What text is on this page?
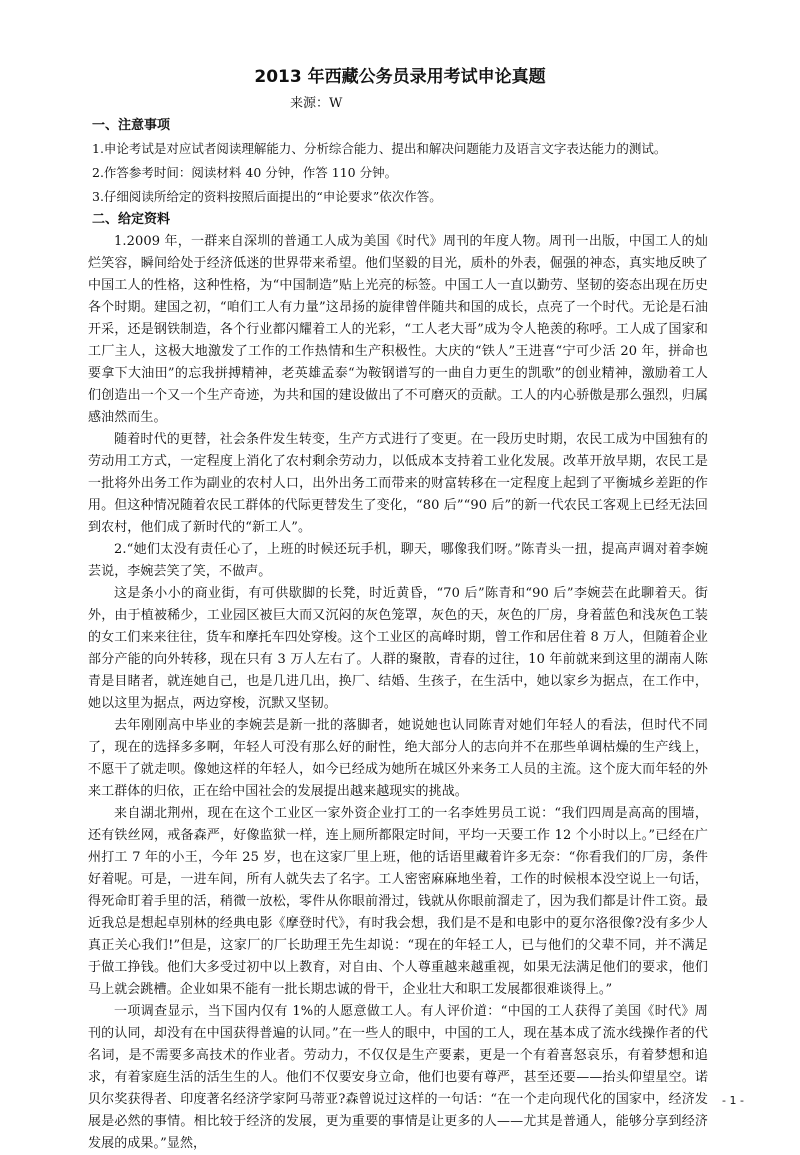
2013 年西藏公务员录用考试申论真题
来源：W

一、注意事项

1.申论考试是对应试者阅读理解能力、分析综合能力、提出和解决问题能力及语言文字表达能力的测试。

2.作答参考时间：阅读材料 40 分钟，作答 110 分钟。

3.仔细阅读所给定的资料按照后面提出的“申论要求”依次作答。

二、给定资料

1.2009 年，一群来自深圳的普通工人成为美国《时代》周刊的年度人物。周刊一出版，中国工人的灿烂笑容，瞬间给处于经济低迷的世界带来希望。他们坚毅的目光，质朴的外表，倔强的神态，真实地反映了中国工人的性格，这种性格，为“中国制造”贴上光亮的标签。中国工人一直以勤劳、坚韧的姿态出现在历史各个时期。建国之初，“咱们工人有力量”这昂扬的旋律曾伴随共和国的成长，点亮了一个时代。无论是石油开采，还是钢铁制造，各个行业都闪耀着工人的光彩，“工人老大哥”成为令人艳羡的称呼。工人成了国家和工厂主人，这极大地激发了工作的工作热情和生产积极性。大庆的“铁人”王进喜“宁可少活 20 年，拼命也要拿下大油田”的忘我拼搏精神，老英雄孟泰“为鞍钢谱写的一曲自力更生的凯歌”的创业精神，激励着工人们创造出一个又一个生产奇迹，为共和国的建设做出了不可磨灭的贡献。工人的内心骄傲是那么强烈，归属感油然而生。

随着时代的更替，社会条件发生转变，生产方式进行了变更。在一段历史时期，农民工成为中国独有的劳动用工方式，一定程度上消化了农村剩余劳动力，以低成本支持着工业化发展。改革开放早期，农民工是一批将外出务工作为副业的农村人口，出外出务工而带来的财富转移在一定程度上起到了平衡城乡差距的作用。但这种情况随着农民工群体的代际更替发生了变化，“80 后”“90 后”的新一代农民工客观上已经无法回到农村，他们成了新时代的“新工人”。

2.“她们太没有责任心了，上班的时候还玩手机，聊天，哪像我们呀。”陈青头一扭，提高声调对着李婉芸说，李婉芸笑了笑，不做声。

这是条小小的商业街，有可供歇脚的长凳，时近黄昏，“70 后”陈青和“90 后”李婉芸在此聊着天。街外，由于植被稀少，工业园区被巨大而又沉闷的灰色笼罩，灰色的天，灰色的厂房，身着蓝色和浅灰色工装的女工们来来往往，货车和摩托车四处穿梭。这个工业区的高峰时期，曾工作和居住着 8 万人，但随着企业部分产能的向外转移，现在只有 3 万人左右了。人群的聚散，青春的过往，10 年前就来到这里的湖南人陈青是目睹者，就连她自己，也是几进几出，换厂、结婚、生孩子，在生活中，她以家乡为据点，在工作中，她以这里为据点，两边穿梭，沉默又坚韧。

去年刚刚高中毕业的李婉芸是新一批的落脚者，她说她也认同陈青对她们年轻人的看法，但时代不同了，现在的选择多多啊，年轻人可没有那么好的耐性，绝大部分人的志向并不在那些单调枯燥的生产线上，不愿干了就走呗。像她这样的年轻人，如今已经成为她所在城区外来务工人员的主流。这个庞大而年轻的外来工群体的归依，正在给中国社会的发展提出越来越现实的挑战。

来自湖北荆州，现在在这个工业区一家外资企业打工的一名李姓男员工说：“我们四周是高高的围墙，还有铁丝网，戒备森严，好像监狱一样，连上厕所都限定时间，平均一天要工作 12 个小时以上。”已经在广州打工 7 年的小王，今年 25 岁，也在这家厂里上班，他的话语里藏着许多无奈：“你看我们的厂房，条件好着呢。可是，一进车间，所有人就失去了名字。工人密密麻麻地坐着，工作的时候根本没空说上一句话，得死命盯着手里的活，稍微一放松，零件从你眼前滑过，钱就从你眼前溜走了，因为我们都是计件工资。最近我总是想起卓别林的经典电影《摩登时代》，有时我会想，我们是不是和电影中的夏尔洛很像?没有多少人真正关心我们!”但是，这家厂的厂长助理王先生却说：“现在的年轻工人，已与他们的父辈不同，并不满足于做工挣钱。他们大多受过初中以上教育，对自由、个人尊重越来越重视，如果无法满足他们的要求，他们马上就会跳槽。企业如果不能有一批长期忠诚的骨干，企业壮大和职工发展都很难谈得上。”

一项调查显示，当下国内仅有 1%的人愿意做工人。有人评价道：“中国的工人获得了美国《时代》周刊的认同，却没有在中国获得普遍的认同。”在一些人的眼中，中国的工人，现在基本成了流水线操作者的代名词，是不需要多高技术的作业者。劳动力，不仅仅是生产要素，更是一个有着喜怒哀乐，有着梦想和追求，有着家庭生活的活生生的人。他们不仅要安身立命，他们也要有尊严，甚至还要——抬头仰望星空。诺贝尔奖获得者、印度著名经济学家阿马蒂亚?森曾说过这样的一句话：“在一个走向现代化的国家中，经济发展是必然的事情。相比较于经济的发展，更为重要的事情是让更多的人——尤其是普通人，能够分享到经济发展的成果。”显然，

- 1 -
